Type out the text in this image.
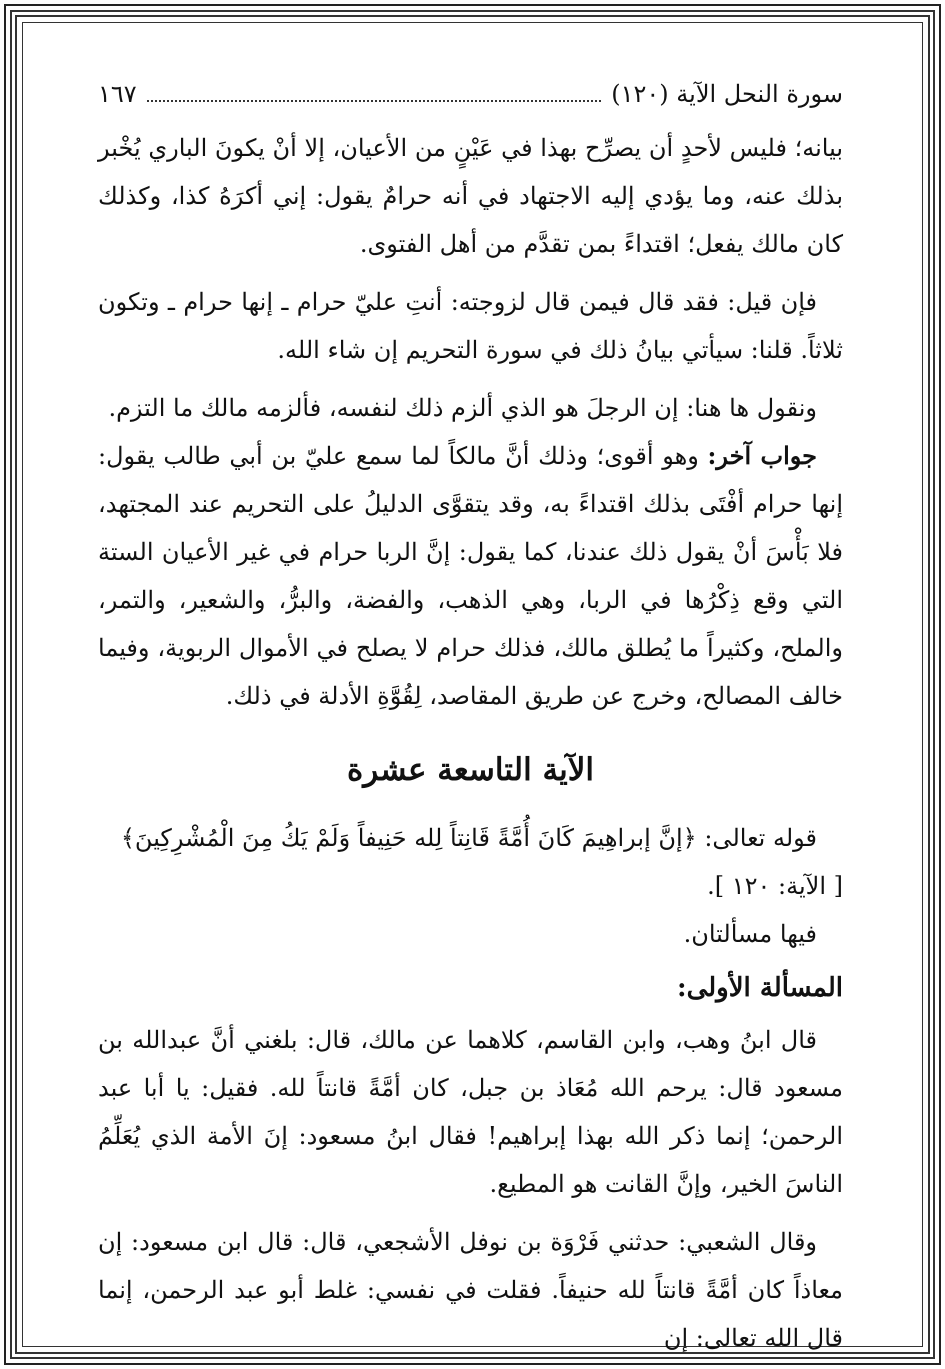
سورة النحل الآية (١٢٠)
١٦٧

بيانه؛ فليس لأحدٍ أن يصرِّح بهذا في عَيْنٍ من الأعيان، إلا أنْ يكونَ الباري يُخْبر بذلك عنه، وما يؤدي إليه الاجتهاد في أنه حرامٌ يقول: إني أكرَهُ كذا، وكذلك كان مالك يفعل؛ اقتداءً بمن تقدَّم من أهل الفتوى.

فإن قيل: فقد قال فيمن قال لزوجته: أنتِ عليّ حرام ـ إنها حرام ـ وتكون ثلاثاً. قلنا: سيأتي بيانُ ذلك في سورة التحريم إن شاء الله.

ونقول ها هنا: إن الرجلَ هو الذي ألزم ذلك لنفسه، فألزمه مالك ما التزم.

جواب آخر: وهو أقوى؛ وذلك أنَّ مالكاً لما سمع عليّ بن أبي طالب يقول: إنها حرام أفْتَى بذلك اقتداءً به، وقد يتقوَّى الدليلُ على التحريم عند المجتهد، فلا بَأْسَ أنْ يقول ذلك عندنا، كما يقول: إنَّ الربا حرام في غير الأعيان الستة التي وقع ذِكْرُها في الربا، وهي الذهب، والفضة، والبرُّ، والشعير، والتمر، والملح، وكثيراً ما يُطلق مالك، فذلك حرام لا يصلح في الأموال الربوية، وفيما خالف المصالح، وخرج عن طريق المقاصد، لِقُوَّةِ الأدلة في ذلك.

الآية التاسعة عشرة

قوله تعالى: ﴿إنَّ إبراهِيمَ كَانَ أُمَّةً قَانِتاً لِله حَنِيفاً وَلَمْ يَكُ مِنَ الْمُشْرِكِينَ﴾

[ الآية: ١٢٠ ].

فيها مسألتان.

المسألة الأولى:

قال ابنُ وهب، وابن القاسم، كلاهما عن مالك، قال: بلغني أنَّ عبدالله بن مسعود قال: يرحم الله مُعَاذ بن جبل، كان أمَّةً قانتاً لله. فقيل: يا أبا عبد الرحمن؛ إنما ذكر الله بهذا إبراهيم! فقال ابنُ مسعود: إنَ الأمة الذي يُعَلِّمُ الناسَ الخير، وإنَّ القانت هو المطيع.

وقال الشعبي: حدثني فَرْوَة بن نوفل الأشجعي، قال: قال ابن مسعود: إن معاذاً كان أمَّةً قانتاً لله حنيفاً. فقلت في نفسي: غلط أبو عبد الرحمن، إنما قال الله تعالى: إن
